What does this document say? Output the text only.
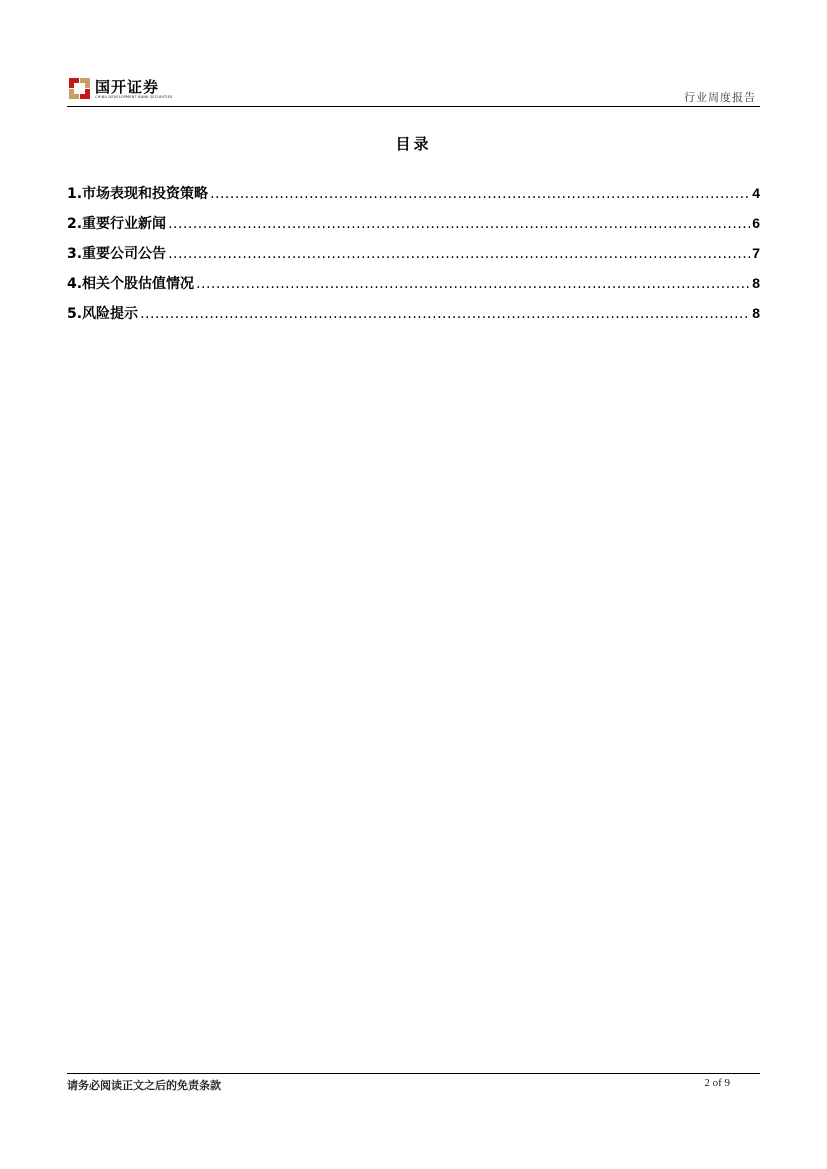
国开证券
CHINA DEVELOPMENT BANK SECURITIES	行业周度报告
目录
1.市场表现和投资策略 .....	4
2.重要行业新闻 .....	6
3.重要公司公告 .....	7
4.相关个股估值情况 .....	8
5.风险提示 .....	8
请务必阅读正文之后的免责条款	2 of 9
